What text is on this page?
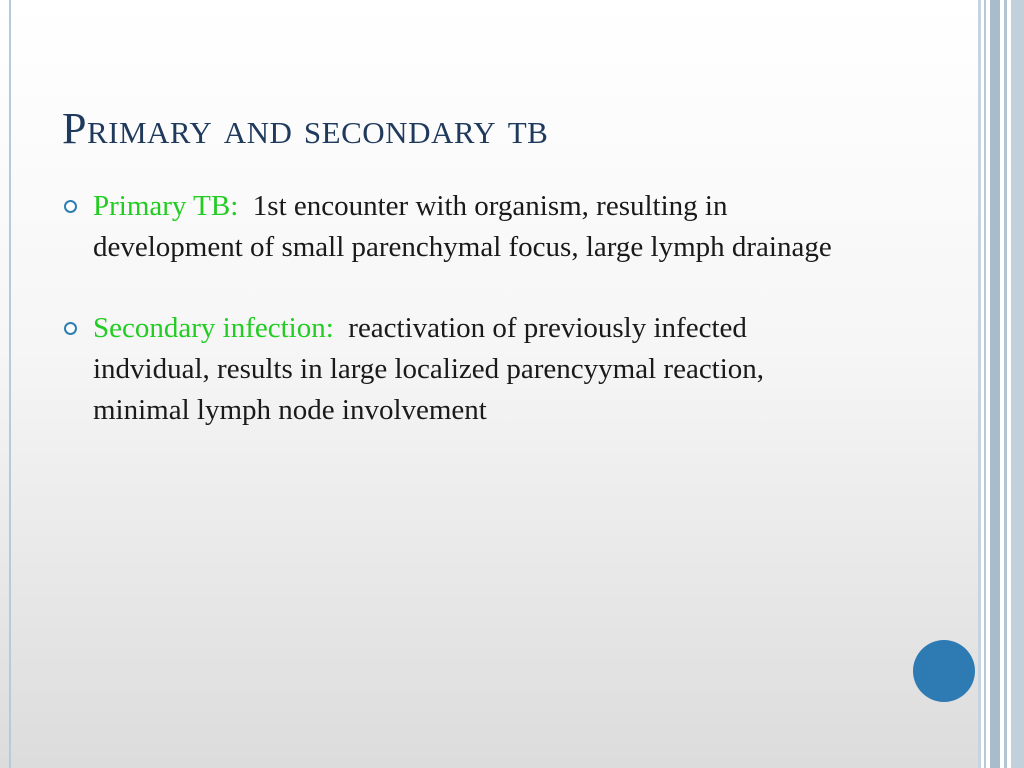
Primary and secondary tb

Primary TB: 1st encounter with organism, resulting in development of small parenchymal focus, large lymph drainage

Secondary infection: reactivation of previously infected indvidual, results in large localized parencyymal reaction, minimal lymph node involvement
